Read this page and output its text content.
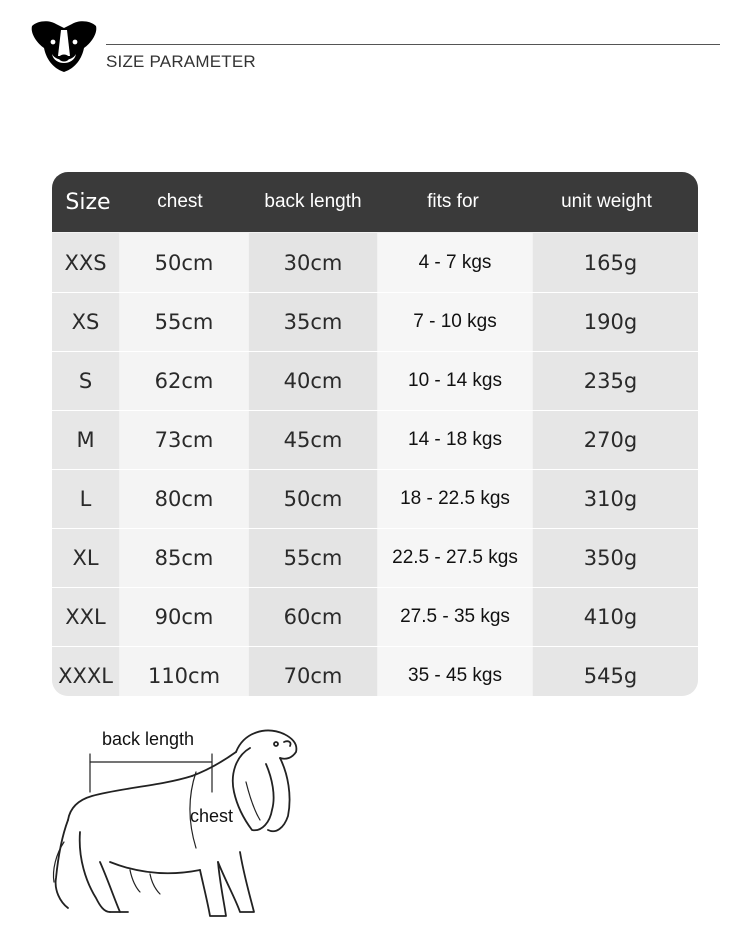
SIZE PARAMETER
Size	chest	back length	fits for	unit weight
XXS	50cm	30cm	4 - 7 kgs	165g
XS	55cm	35cm	7 - 10 kgs	190g
S	62cm	40cm	10 - 14 kgs	235g
M	73cm	45cm	14 - 18 kgs	270g
L	80cm	50cm	18 - 22.5 kgs	310g
XL	85cm	55cm	22.5 - 27.5 kgs	350g
XXL	90cm	60cm	27.5 - 35 kgs	410g
XXXL	110cm	70cm	35 - 45 kgs	545g
back length
chest
